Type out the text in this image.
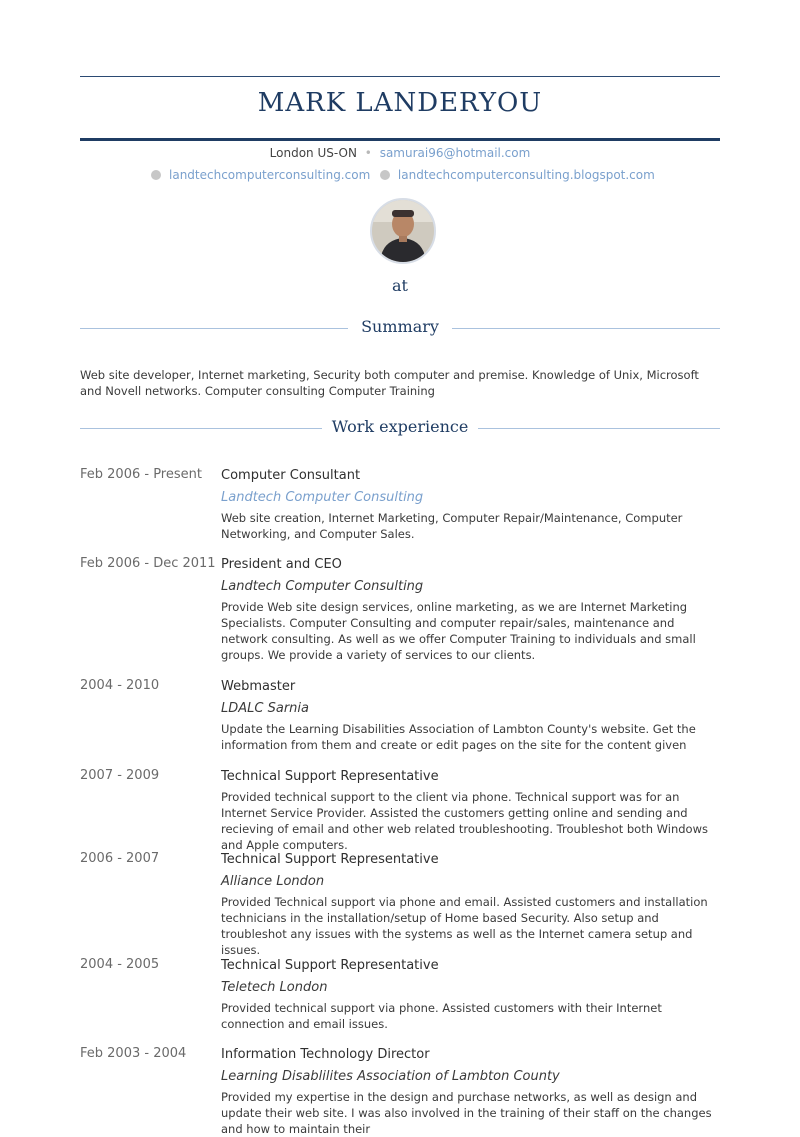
MARK LANDERYOU
London US-ON • samurai96@hotmail.com
landtechcomputerconsulting.com landtechcomputerconsulting.blogspot.com
at
Summary
Web site developer, Internet marketing, Security both computer and premise. Knowledge of Unix, Microsoft and Novell networks. Computer consulting Computer Training
Work experience
Feb 2006 - Present Computer Consultant
Landtech Computer Consulting
Web site creation, Internet Marketing, Computer Repair/Maintenance, Computer Networking, and Computer Sales.
Feb 2006 - Dec 2011 President and CEO
Landtech Computer Consulting
Provide Web site design services, online marketing, as we are Internet Marketing Specialists. Computer Consulting and computer repair/sales, maintenance and network consulting. As well as we offer Computer Training to individuals and small groups. We provide a variety of services to our clients.
2004 - 2010	Webmaster
LDALC Sarnia
Update the Learning Disabilities Association of Lambton County's website. Get the information from them and create or edit pages on the site for the content given
2007 - 2009	Technical Support Representative
Provided technical support to the client via phone. Technical support was for an Internet Service Provider. Assisted the customers getting online and sending and recieving of email and other web related troubleshooting. Troubleshot both Windows and Apple computers.
2006 - 2007	Technical Support Representative
Alliance London
Provided Technical support via phone and email. Assisted customers and installation technicians in the installation/setup of Home based Security. Also setup and troubleshot any issues with the systems as well as the Internet camera setup and issues.
2004 - 2005	Technical Support Representative
Teletech London
Provided technical support via phone. Assisted customers with their Internet connection and email issues.
Feb 2003 - 2004	Information Technology Director
Learning Disablilites Association of Lambton County
Provided my expertise in the design and purchase networks, as well as design and update their web site. I was also involved in the training of their staff on the changes and how to maintain their
